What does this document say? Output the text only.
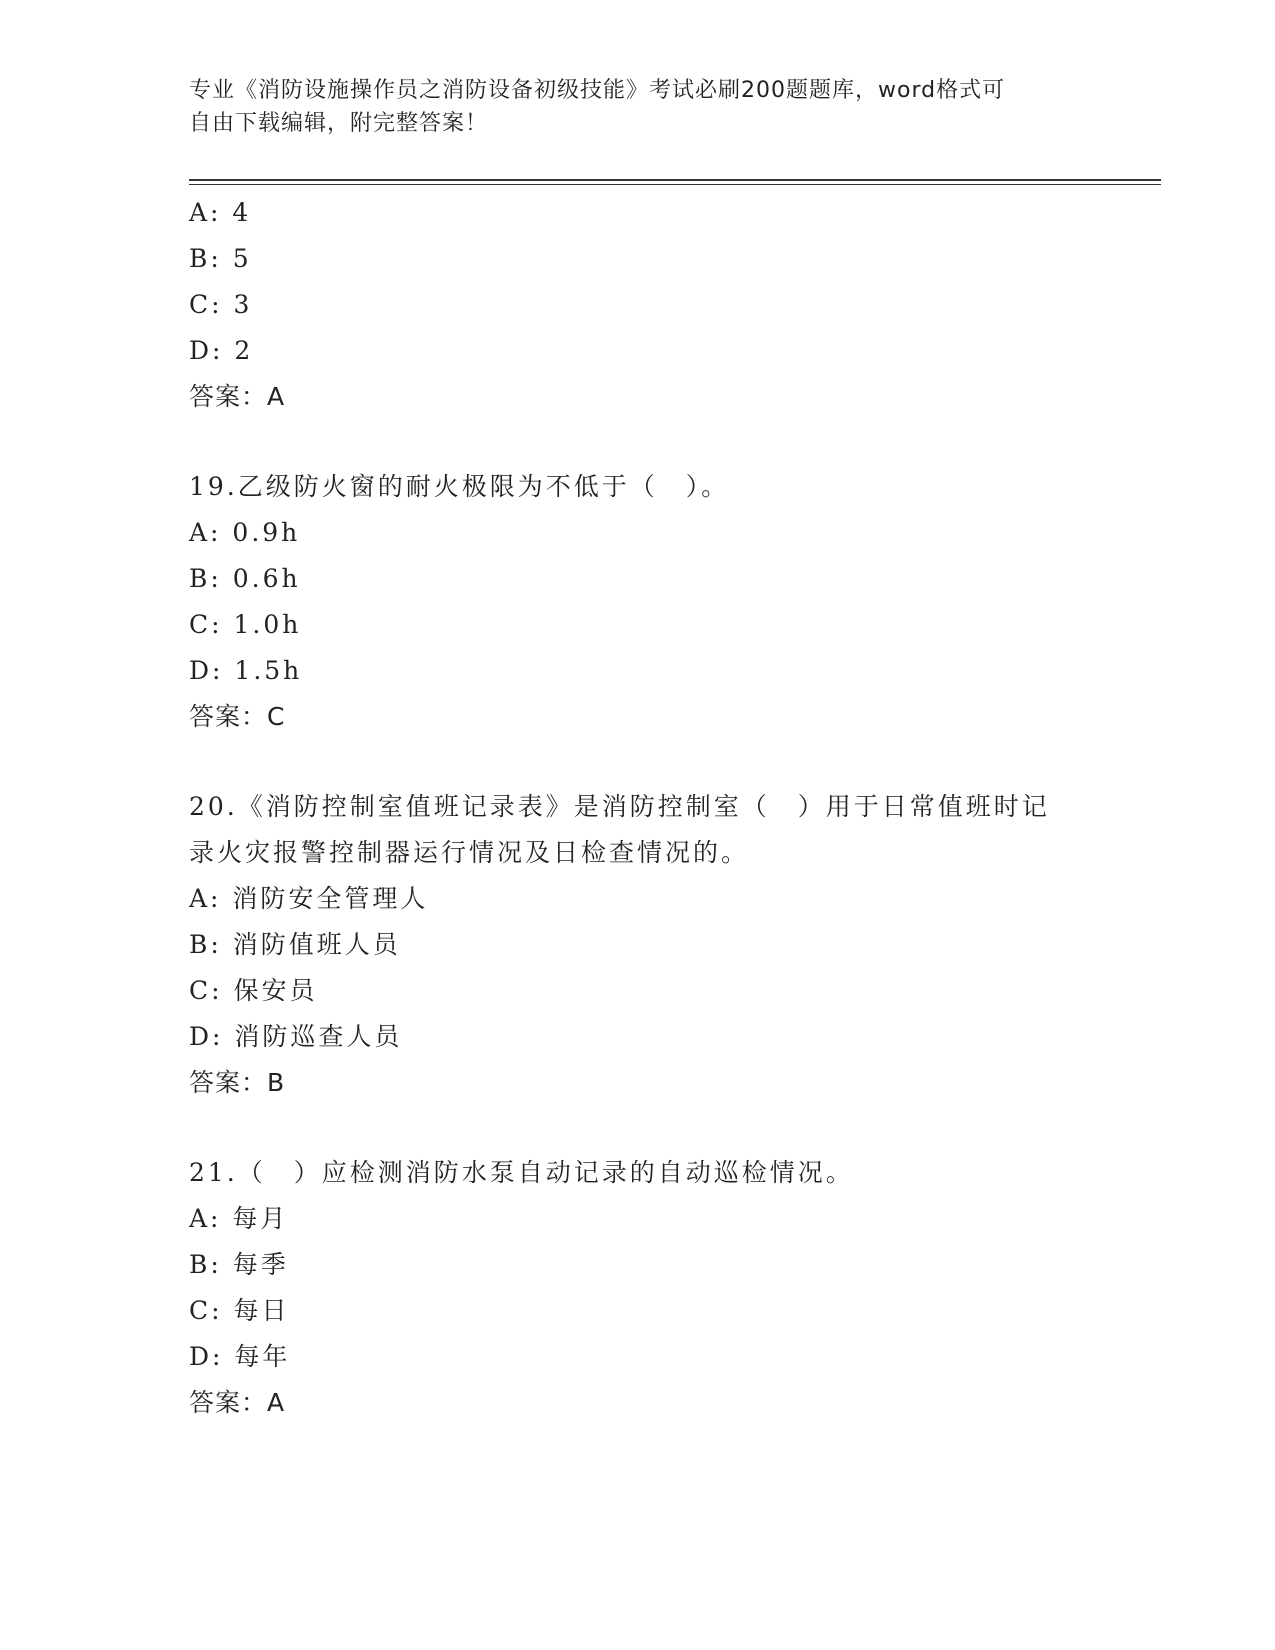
专业《消防设施操作员之消防设备初级技能》考试必刷200题题库，word格式可
自由下载编辑，附完整答案！
A: 4
B: 5
C: 3
D: 2
答案：A
19.乙级防火窗的耐火极限为不低于（　）。
A: 0.9h
B: 0.6h
C: 1.0h
D: 1.5h
答案：C
20.《消防控制室值班记录表》是消防控制室（　）用于日常值班时记
录火灾报警控制器运行情况及日检查情况的。
A: 消防安全管理人
B: 消防值班人员
C: 保安员
D: 消防巡查人员
答案：B
21.（　）应检测消防水泵自动记录的自动巡检情况。
A: 每月
B: 每季
C: 每日
D: 每年
答案：A
